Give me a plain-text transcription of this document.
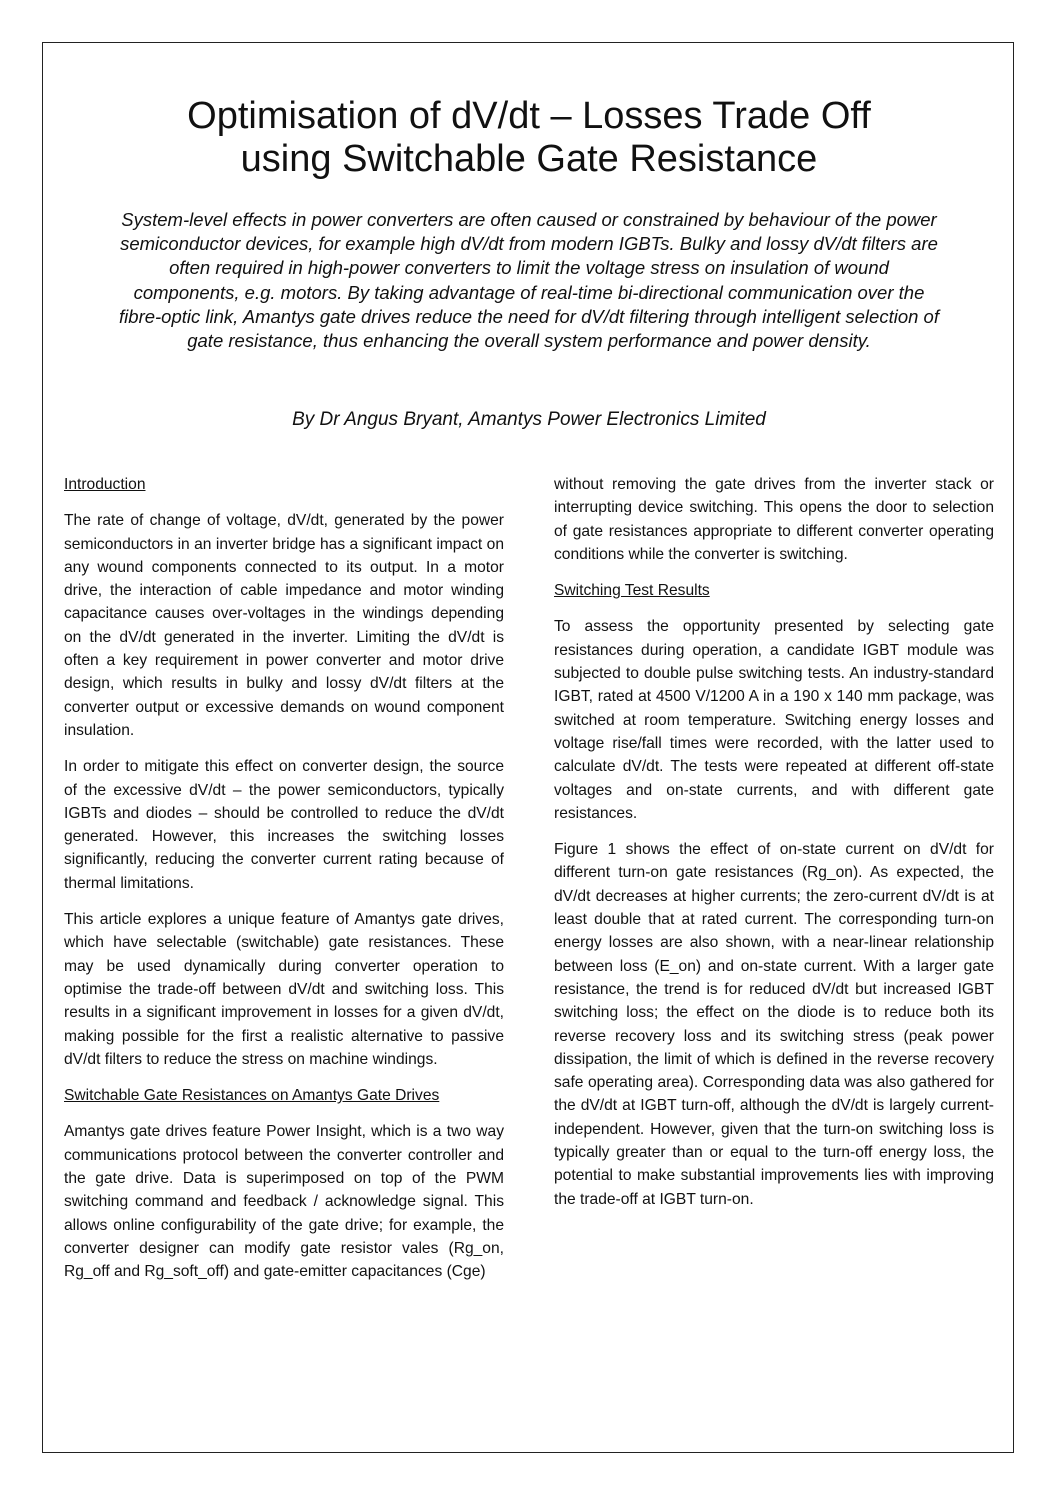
Optimisation of dV/dt – Losses Trade Off
using Switchable Gate Resistance

System-level effects in power converters are often caused or constrained by behaviour of the power semiconductor devices, for example high dV/dt from modern IGBTs. Bulky and lossy dV/dt filters are often required in high-power converters to limit the voltage stress on insulation of wound components, e.g. motors. By taking advantage of real-time bi-directional communication over the fibre-optic link, Amantys gate drives reduce the need for dV/dt filtering through intelligent selection of gate resistance, thus enhancing the overall system performance and power density.

By Dr Angus Bryant, Amantys Power Electronics Limited

Introduction

The rate of change of voltage, dV/dt, generated by the power semiconductors in an inverter bridge has a significant impact on any wound components connected to its output. In a motor drive, the interaction of cable impedance and motor winding capacitance causes over-voltages in the windings depending on the dV/dt generated in the inverter. Limiting the dV/dt is often a key requirement in power converter and motor drive design, which results in bulky and lossy dV/dt filters at the converter output or excessive demands on wound component insulation.

In order to mitigate this effect on converter design, the source of the excessive dV/dt – the power semiconductors, typically IGBTs and diodes – should be controlled to reduce the dV/dt generated. However, this increases the switching losses significantly, reducing the converter current rating because of thermal limitations.

This article explores a unique feature of Amantys gate drives, which have selectable (switchable) gate resistances. These may be used dynamically during converter operation to optimise the trade-off between dV/dt and switching loss. This results in a significant improvement in losses for a given dV/dt, making possible for the first a realistic alternative to passive dV/dt filters to reduce the stress on machine windings.

Switchable Gate Resistances on Amantys Gate Drives

Amantys gate drives feature Power Insight, which is a two way communications protocol between the converter controller and the gate drive. Data is superimposed on top of the PWM switching command and feedback / acknowledge signal. This allows online configurability of the gate drive; for example, the converter designer can modify gate resistor vales (Rg_on, Rg_off and Rg_soft_off) and gate-emitter capacitances (Cge)

without removing the gate drives from the inverter stack or interrupting device switching. This opens the door to selection of gate resistances appropriate to different converter operating conditions while the converter is switching.

Switching Test Results

To assess the opportunity presented by selecting gate resistances during operation, a candidate IGBT module was subjected to double pulse switching tests. An industry-standard IGBT, rated at 4500 V/1200 A in a 190 x 140 mm package, was switched at room temperature. Switching energy losses and voltage rise/fall times were recorded, with the latter used to calculate dV/dt. The tests were repeated at different off-state voltages and on-state currents, and with different gate resistances.

Figure 1 shows the effect of on-state current on dV/dt for different turn-on gate resistances (Rg_on). As expected, the dV/dt decreases at higher currents; the zero-current dV/dt is at least double that at rated current. The corresponding turn-on energy losses are also shown, with a near-linear relationship between loss (E_on) and on-state current. With a larger gate resistance, the trend is for reduced dV/dt but increased IGBT switching loss; the effect on the diode is to reduce both its reverse recovery loss and its switching stress (peak power dissipation, the limit of which is defined in the reverse recovery safe operating area). Corresponding data was also gathered for the dV/dt at IGBT turn-off, although the dV/dt is largely current-independent. However, given that the turn-on switching loss is typically greater than or equal to the turn-off energy loss, the potential to make substantial improvements lies with improving the trade-off at IGBT turn-on.
